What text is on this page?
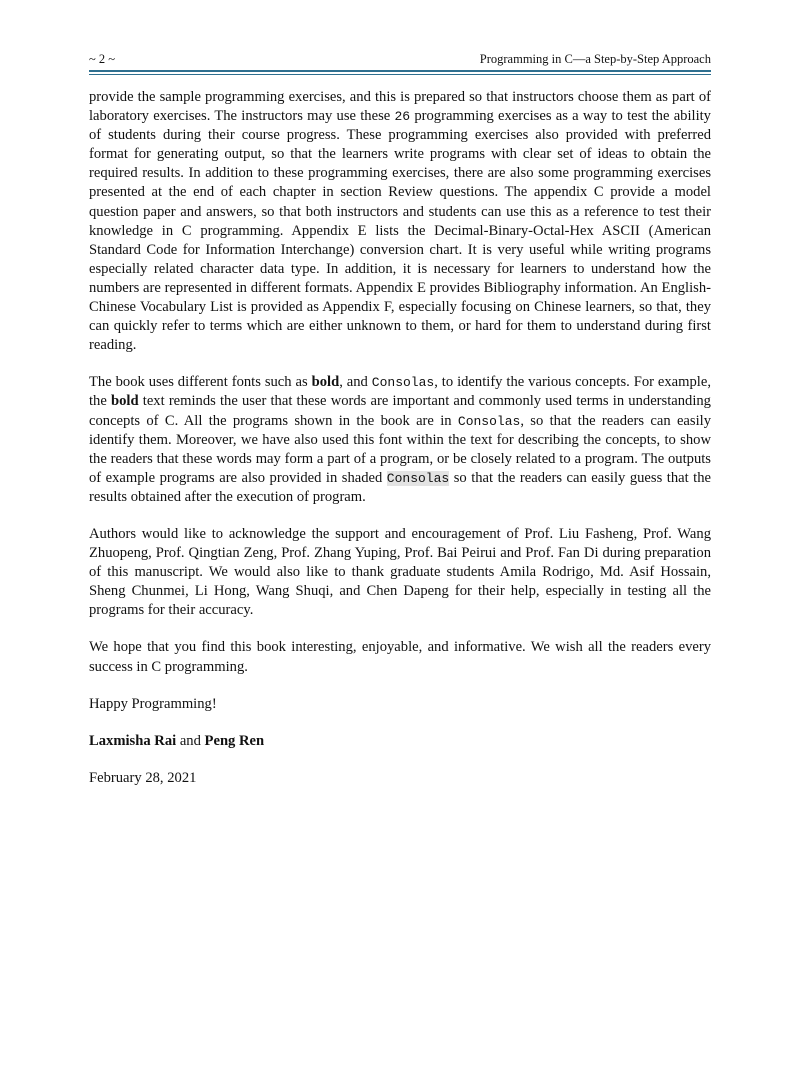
~ 2 ~	Programming in C—a Step-by-Step Approach

provide the sample programming exercises, and this is prepared so that instructors choose them as part of laboratory exercises. The instructors may use these 26 programming exercises as a way to test the ability of students during their course progress. These programming exercises also provided with preferred format for generating output, so that the learners write programs with clear set of ideas to obtain the required results. In addition to these programming exercises, there are also some programming exercises presented at the end of each chapter in section Review questions. The appendix C provide a model question paper and answers, so that both instructors and students can use this as a reference to test their knowledge in C programming. Appendix E lists the Decimal-Binary-Octal-Hex ASCII (American Standard Code for Information Interchange) conversion chart. It is very useful while writing programs especially related character data type. In addition, it is necessary for learners to understand how the numbers are represented in different formats. Appendix E provides Bibliography information. An English-Chinese Vocabulary List is provided as Appendix F, especially focusing on Chinese learners, so that, they can quickly refer to terms which are either unknown to them, or hard for them to understand during first reading.

The book uses different fonts such as bold, and Consolas, to identify the various concepts. For example, the bold text reminds the user that these words are important and commonly used terms in understanding concepts of C. All the programs shown in the book are in Consolas, so that the readers can easily identify them. Moreover, we have also used this font within the text for describing the concepts, to show the readers that these words may form a part of a program, or be closely related to a program. The outputs of example programs are also provided in shaded Consolas so that the readers can easily guess that the results obtained after the execution of program.

Authors would like to acknowledge the support and encouragement of Prof. Liu Fasheng, Prof. Wang Zhuopeng, Prof. Qingtian Zeng, Prof. Zhang Yuping, Prof. Bai Peirui and Prof. Fan Di during preparation of this manuscript. We would also like to thank graduate students Amila Rodrigo, Md. Asif Hossain, Sheng Chunmei, Li Hong, Wang Shuqi, and Chen Dapeng for their help, especially in testing all the programs for their accuracy.

We hope that you find this book interesting, enjoyable, and informative. We wish all the readers every success in C programming.

Happy Programming!

Laxmisha Rai and Peng Ren

February 28, 2021
